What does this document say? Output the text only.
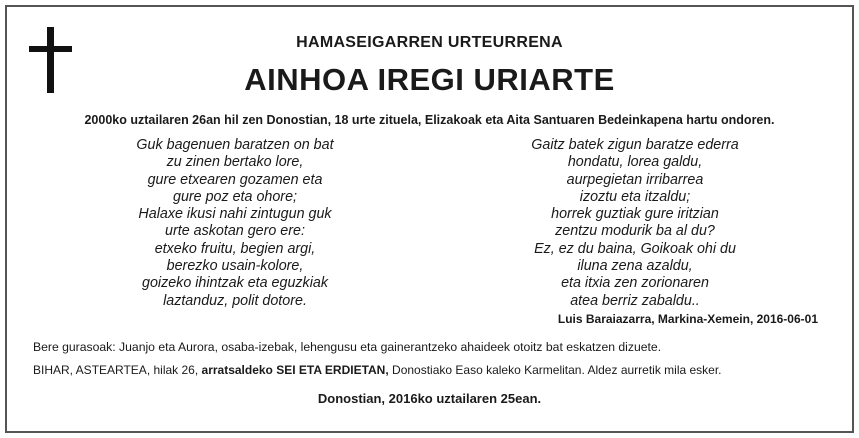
HAMASEIGARREN URTEURRENA
AINHOA IREGI URIARTE
2000ko uztailaren 26an hil zen Donostian, 18 urte zituela, Elizakoak eta Aita Santuaren Bedeinkapena hartu ondoren.
Guk bagenuen baratzen on bat
zu zinen bertako lore,
gure etxearen gozamen eta
gure poz eta ohore;
Halaxe ikusi nahi zintugun guk
urte askotan gero ere:
etxeko fruitu, begien argi,
berezko usain-kolore,
goizeko ihintzak eta eguzkiak
laztanduz, polit dotore.
Gaitz batek zigun baratze ederra
hondatu, lorea galdu,
aurpegietan irribarrea
izoztu eta itzaldu;
horrek guztiak gure iritzian
zentzu modurik ba al du?
Ez, ez du baina, Goikoak ohi du
iluna zena azaldu,
eta itxia zen zorionaren
atea berriz zabaldu..
Luis Baraiazarra, Markina-Xemein, 2016-06-01
Bere gurasoak: Juanjo eta Aurora, osaba-izebak, lehengusu eta gainerantzeko ahaideek otoitz bat eskatzen dizuete.
BIHAR, ASTEARTEA, hilak 26, arratsaldeko SEI ETA ERDIETAN, Donostiako Easo kaleko Karmelitan. Aldez aurretik mila esker.
Donostian, 2016ko uztailaren 25ean.
